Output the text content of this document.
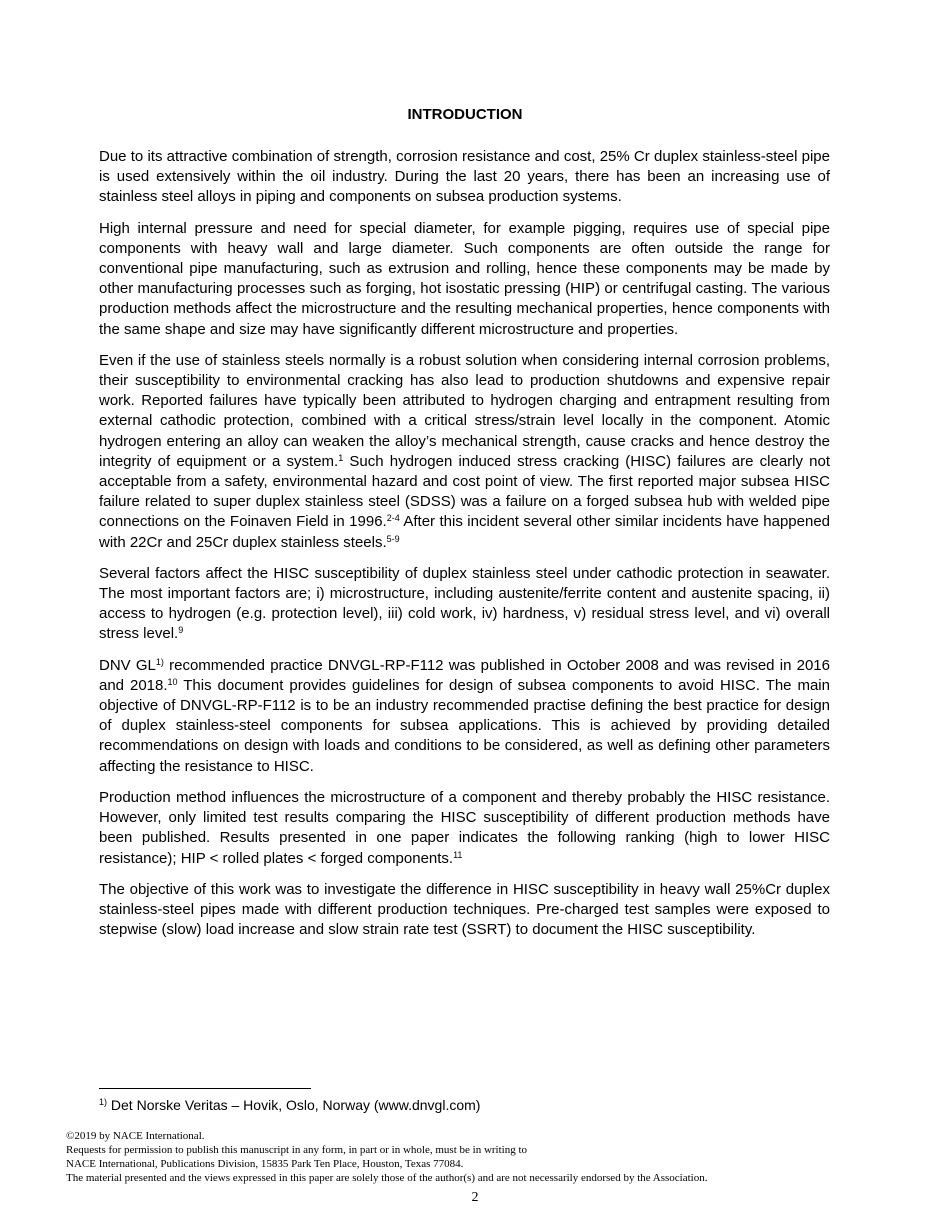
INTRODUCTION

Due to its attractive combination of strength, corrosion resistance and cost, 25% Cr duplex stainless-steel pipe is used extensively within the oil industry. During the last 20 years, there has been an increasing use of stainless steel alloys in piping and components on subsea production systems.

High internal pressure and need for special diameter, for example pigging, requires use of special pipe components with heavy wall and large diameter. Such components are often outside the range for conventional pipe manufacturing, such as extrusion and rolling, hence these components may be made by other manufacturing processes such as forging, hot isostatic pressing (HIP) or centrifugal casting. The various production methods affect the microstructure and the resulting mechanical properties, hence components with the same shape and size may have significantly different microstructure and properties.

Even if the use of stainless steels normally is a robust solution when considering internal corrosion problems, their susceptibility to environmental cracking has also lead to production shutdowns and expensive repair work. Reported failures have typically been attributed to hydrogen charging and entrapment resulting from external cathodic protection, combined with a critical stress/strain level locally in the component. Atomic hydrogen entering an alloy can weaken the alloy’s mechanical strength, cause cracks and hence destroy the integrity of equipment or a system.$^1$ Such hydrogen induced stress cracking (HISC) failures are clearly not acceptable from a safety, environmental hazard and cost point of view. The first reported major subsea HISC failure related to super duplex stainless steel (SDSS) was a failure on a forged subsea hub with welded pipe connections on the Foinaven Field in 1996.$^{2-4}$ After this incident several other similar incidents have happened with 22Cr and 25Cr duplex stainless steels.$^{5-9}$

Several factors affect the HISC susceptibility of duplex stainless steel under cathodic protection in seawater. The most important factors are; i) microstructure, including austenite/ferrite content and austenite spacing, ii) access to hydrogen (e.g. protection level), iii) cold work, iv) hardness, v) residual stress level, and vi) overall stress level.$^9$

DNV GL$^{1)}$ recommended practice DNVGL-RP-F112 was published in October 2008 and was revised in 2016 and 2018.10 This document provides guidelines for design of subsea components to avoid HISC. The main objective of DNVGL-RP-F112 is to be an industry recommended practise defining the best practice for design of duplex stainless-steel components for subsea applications. This is achieved by providing detailed recommendations on design with loads and conditions to be considered, as well as defining other parameters affecting the resistance to HISC.

Production method influences the microstructure of a component and thereby probably the HISC resistance. However, only limited test results comparing the HISC susceptibility of different production methods have been published. Results presented in one paper indicates the following ranking (high to lower HISC resistance); HIP < rolled plates < forged components.$^{11}$

The objective of this work was to investigate the difference in HISC susceptibility in heavy wall 25%Cr duplex stainless-steel pipes made with different production techniques. Pre-charged test samples were exposed to stepwise (slow) load increase and slow strain rate test (SSRT) to document the HISC susceptibility.

$^{1)}$ Det Norske Veritas – Hovik, Oslo, Norway (www.dnvgl.com)
©2019 by NACE International.
Requests for permission to publish this manuscript in any form, in part or in whole, must be in writing to
NACE International, Publications Division, 15835 Park Ten Place, Houston, Texas 77084.
The material presented and the views expressed in this paper are solely those of the author(s) and are not necessarily endorsed by the Association.
2
